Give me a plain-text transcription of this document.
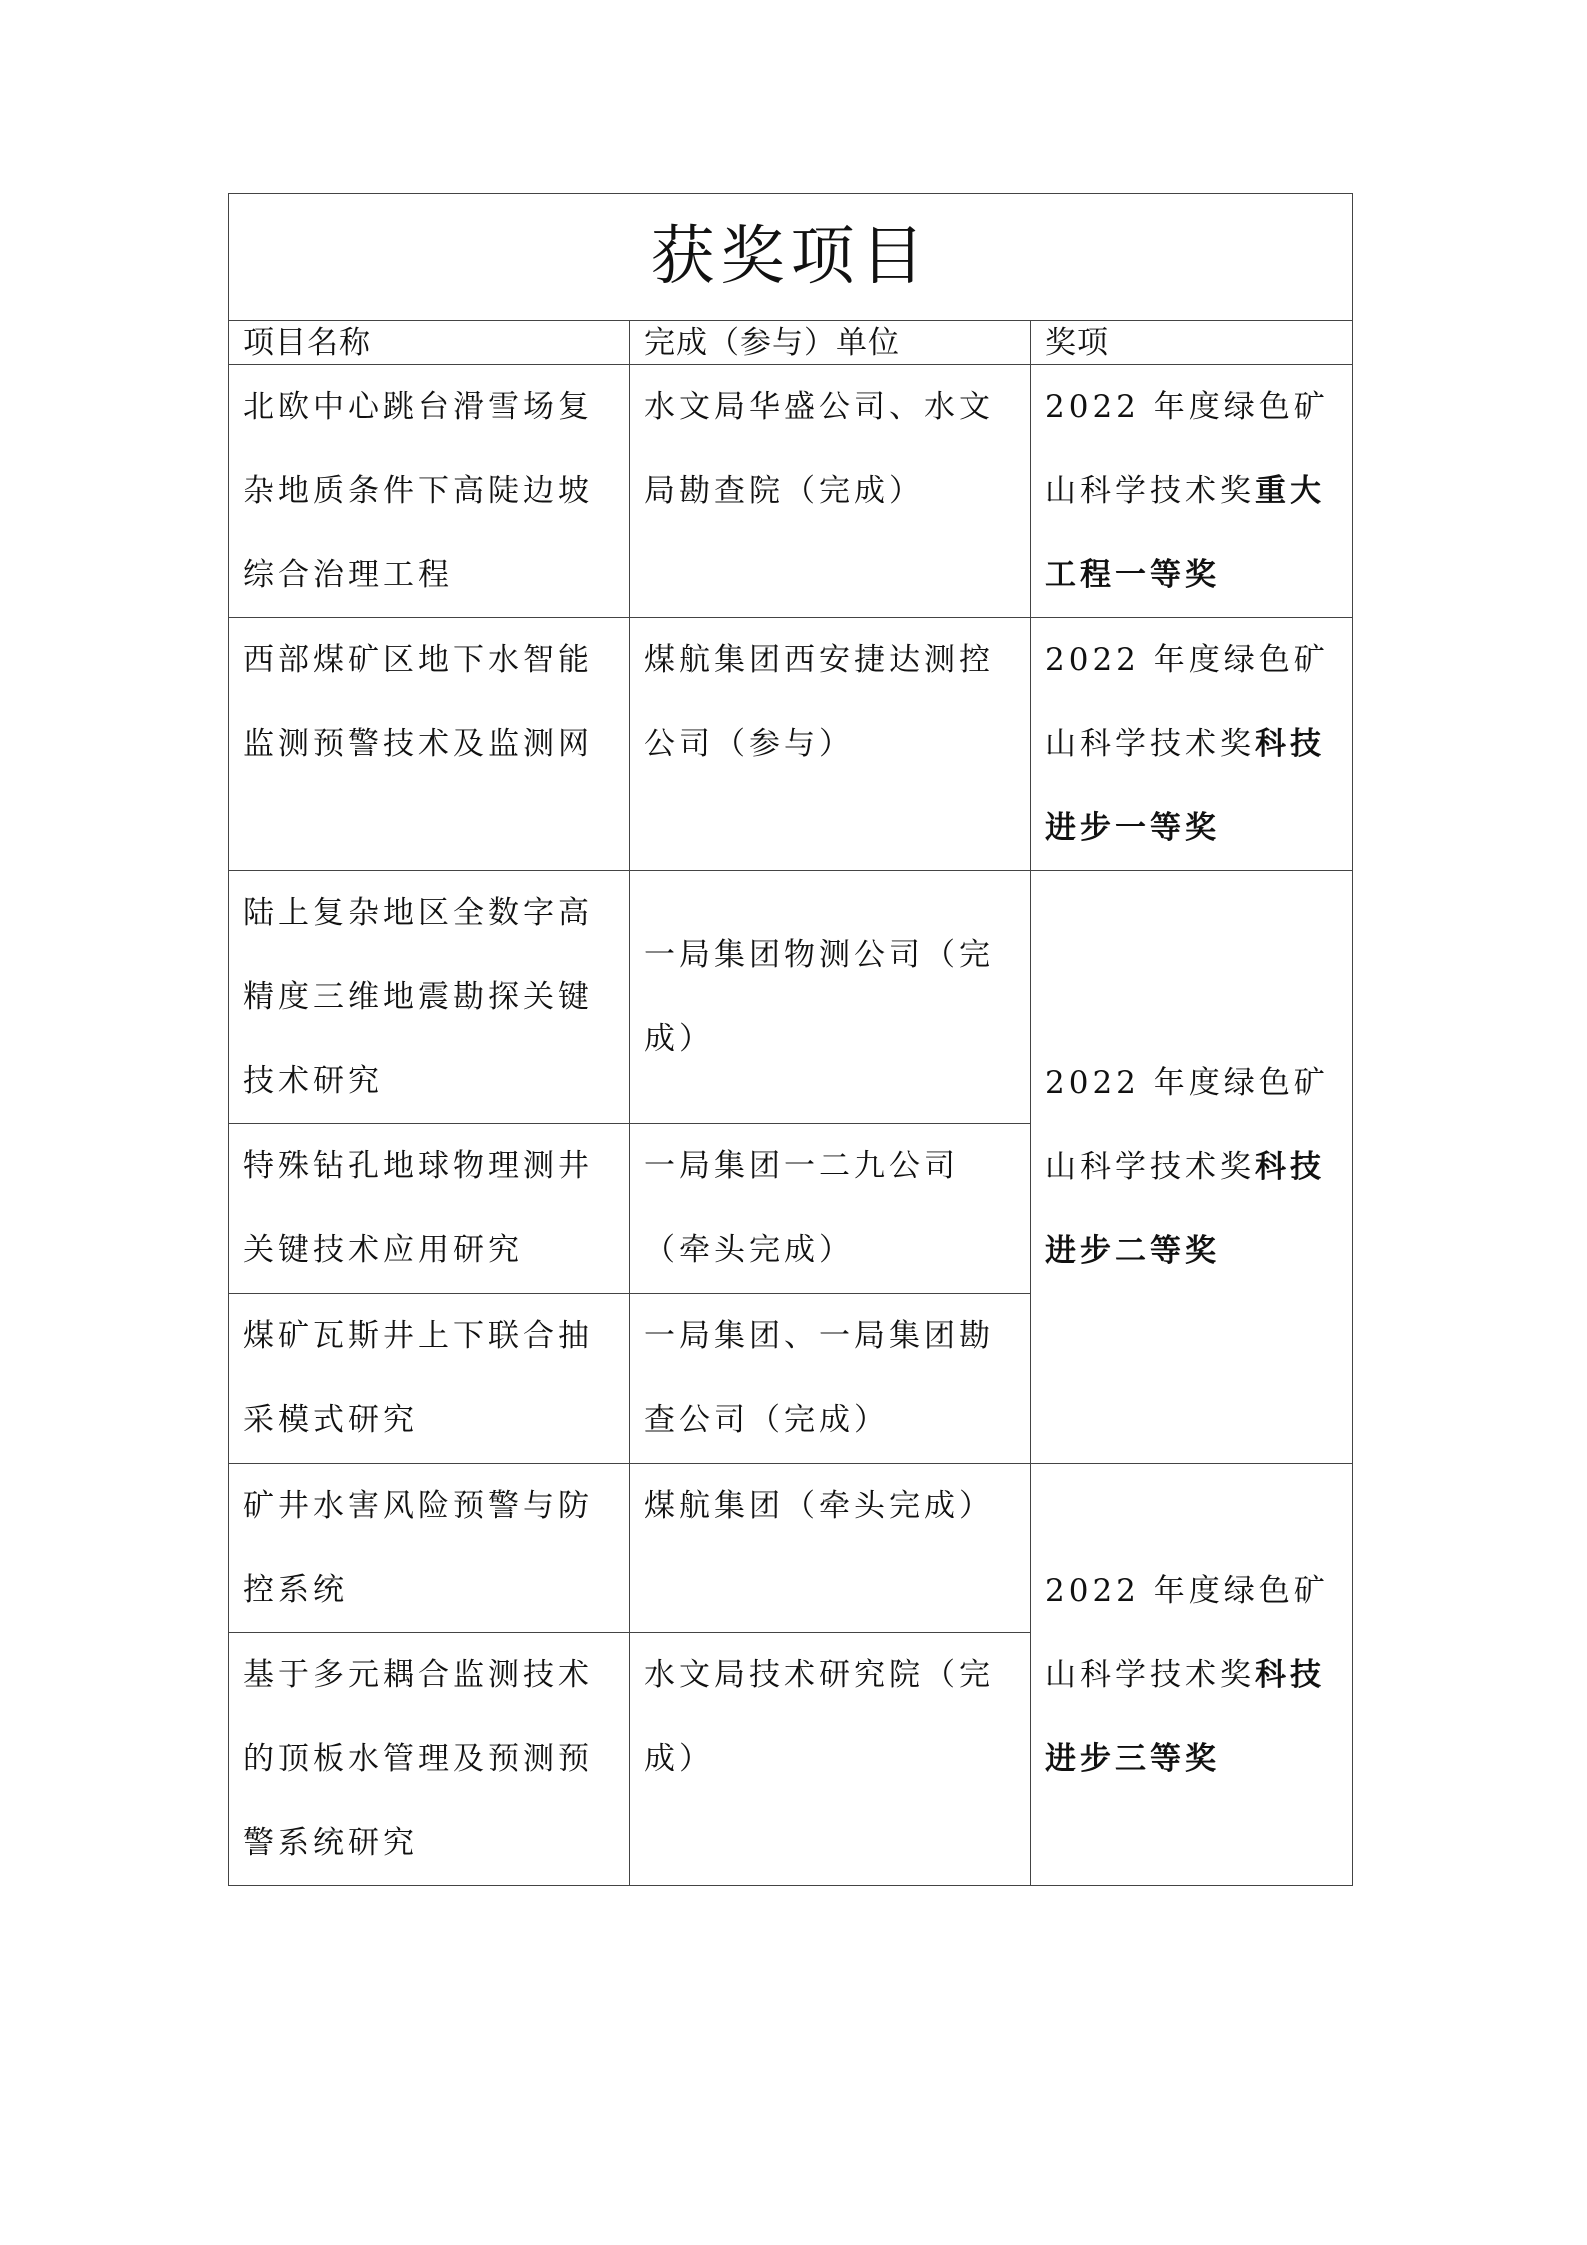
获奖项目		
项目名称	完成（参与）单位	奖项
北欧中心跳台滑雪场复杂地质条件下高陡边坡综合治理工程	水文局华盛公司、水文局勘查院（完成）	2022 年度绿色矿山科学技术奖重大工程一等奖
西部煤矿区地下水智能监测预警技术及监测网	煤航集团西安捷达测控公司（参与）	2022 年度绿色矿山科学技术奖科技进步一等奖
陆上复杂地区全数字高精度三维地震勘探关键技术研究	一局集团物测公司（完成）	2022 年度绿色矿山科学技术奖科技进步二等奖
特殊钻孔地球物理测井关键技术应用研究	一局集团一二九公司（牵头完成）	
煤矿瓦斯井上下联合抽采模式研究	一局集团、一局集团勘查公司（完成）	
矿井水害风险预警与防控系统	煤航集团（牵头完成）	2022 年度绿色矿山科学技术奖科技进步三等奖
基于多元耦合监测技术的顶板水管理及预测预警系统研究	水文局技术研究院（完成）	
